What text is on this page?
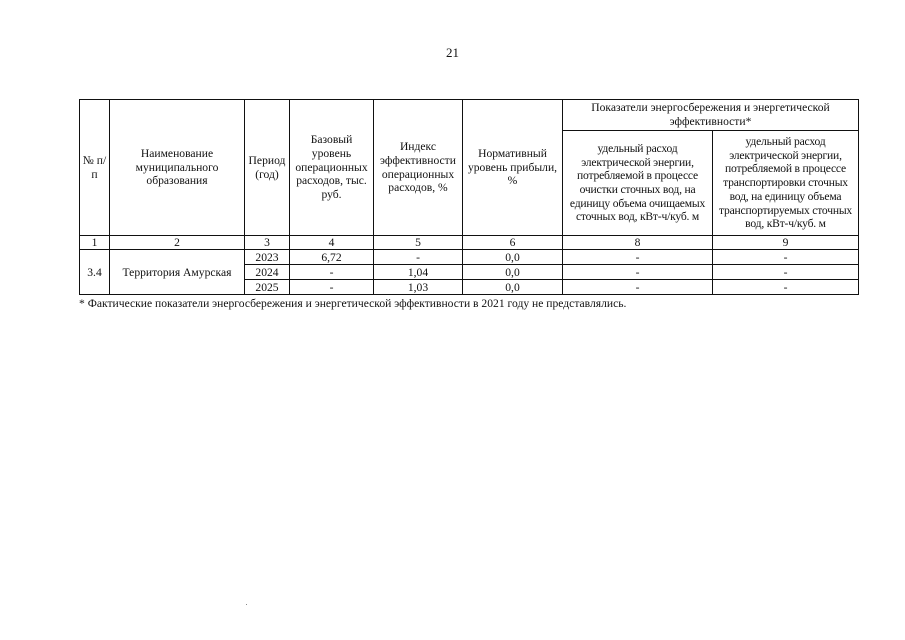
21
№ п/п	Наименование муниципального образования	Период (год)	Базовый уровень операционных расходов, тыс. руб.	Индекс эффективности операционных расходов, %	Нормативный уровень прибыли, %	Показатели энергосбережения и энергетической эффективности*	
						удельный расход электрической энергии, потребляемой в процессе очистки сточных вод, на единицу объема очищаемых сточных вод, кВт-ч/куб. м	удельный расход электрической энергии, потребляемой в процессе транспортировки сточных вод, на единицу объема транспортируемых сточных вод, кВт-ч/куб. м
1	2	3	4	5	6	8	9
3.4	Территория Амурская	2023	6,72	-	0,0	-	-
		2024	-	1,04	0,0	-	-
		2025	-	1,03	0,0	-	-
* Фактические показатели энергосбережения и энергетической эффективности в 2021 году не представлялись.
